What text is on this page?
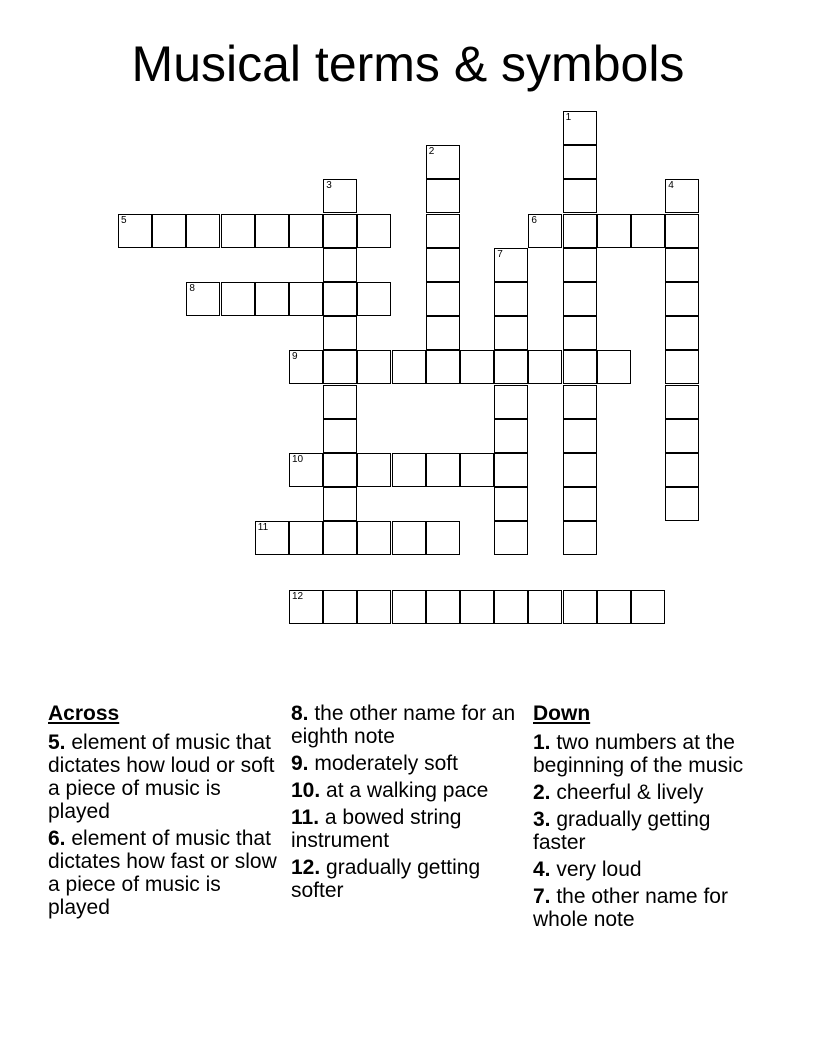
Musical terms & symbols
5	6
8
9
10
11
12
1
2
3	4
7
Across
5. element of music that dictates how loud or soft a piece of music is played
6. element of music that dictates how fast or slow a piece of music is played
8. the other name for an eighth note
9. moderately soft
10. at a walking pace
11. a bowed string instrument
12. gradually getting softer
Down
1. two numbers at the beginning of the music
2. cheerful & lively
3. gradually getting faster
4. very loud
7. the other name for whole note
